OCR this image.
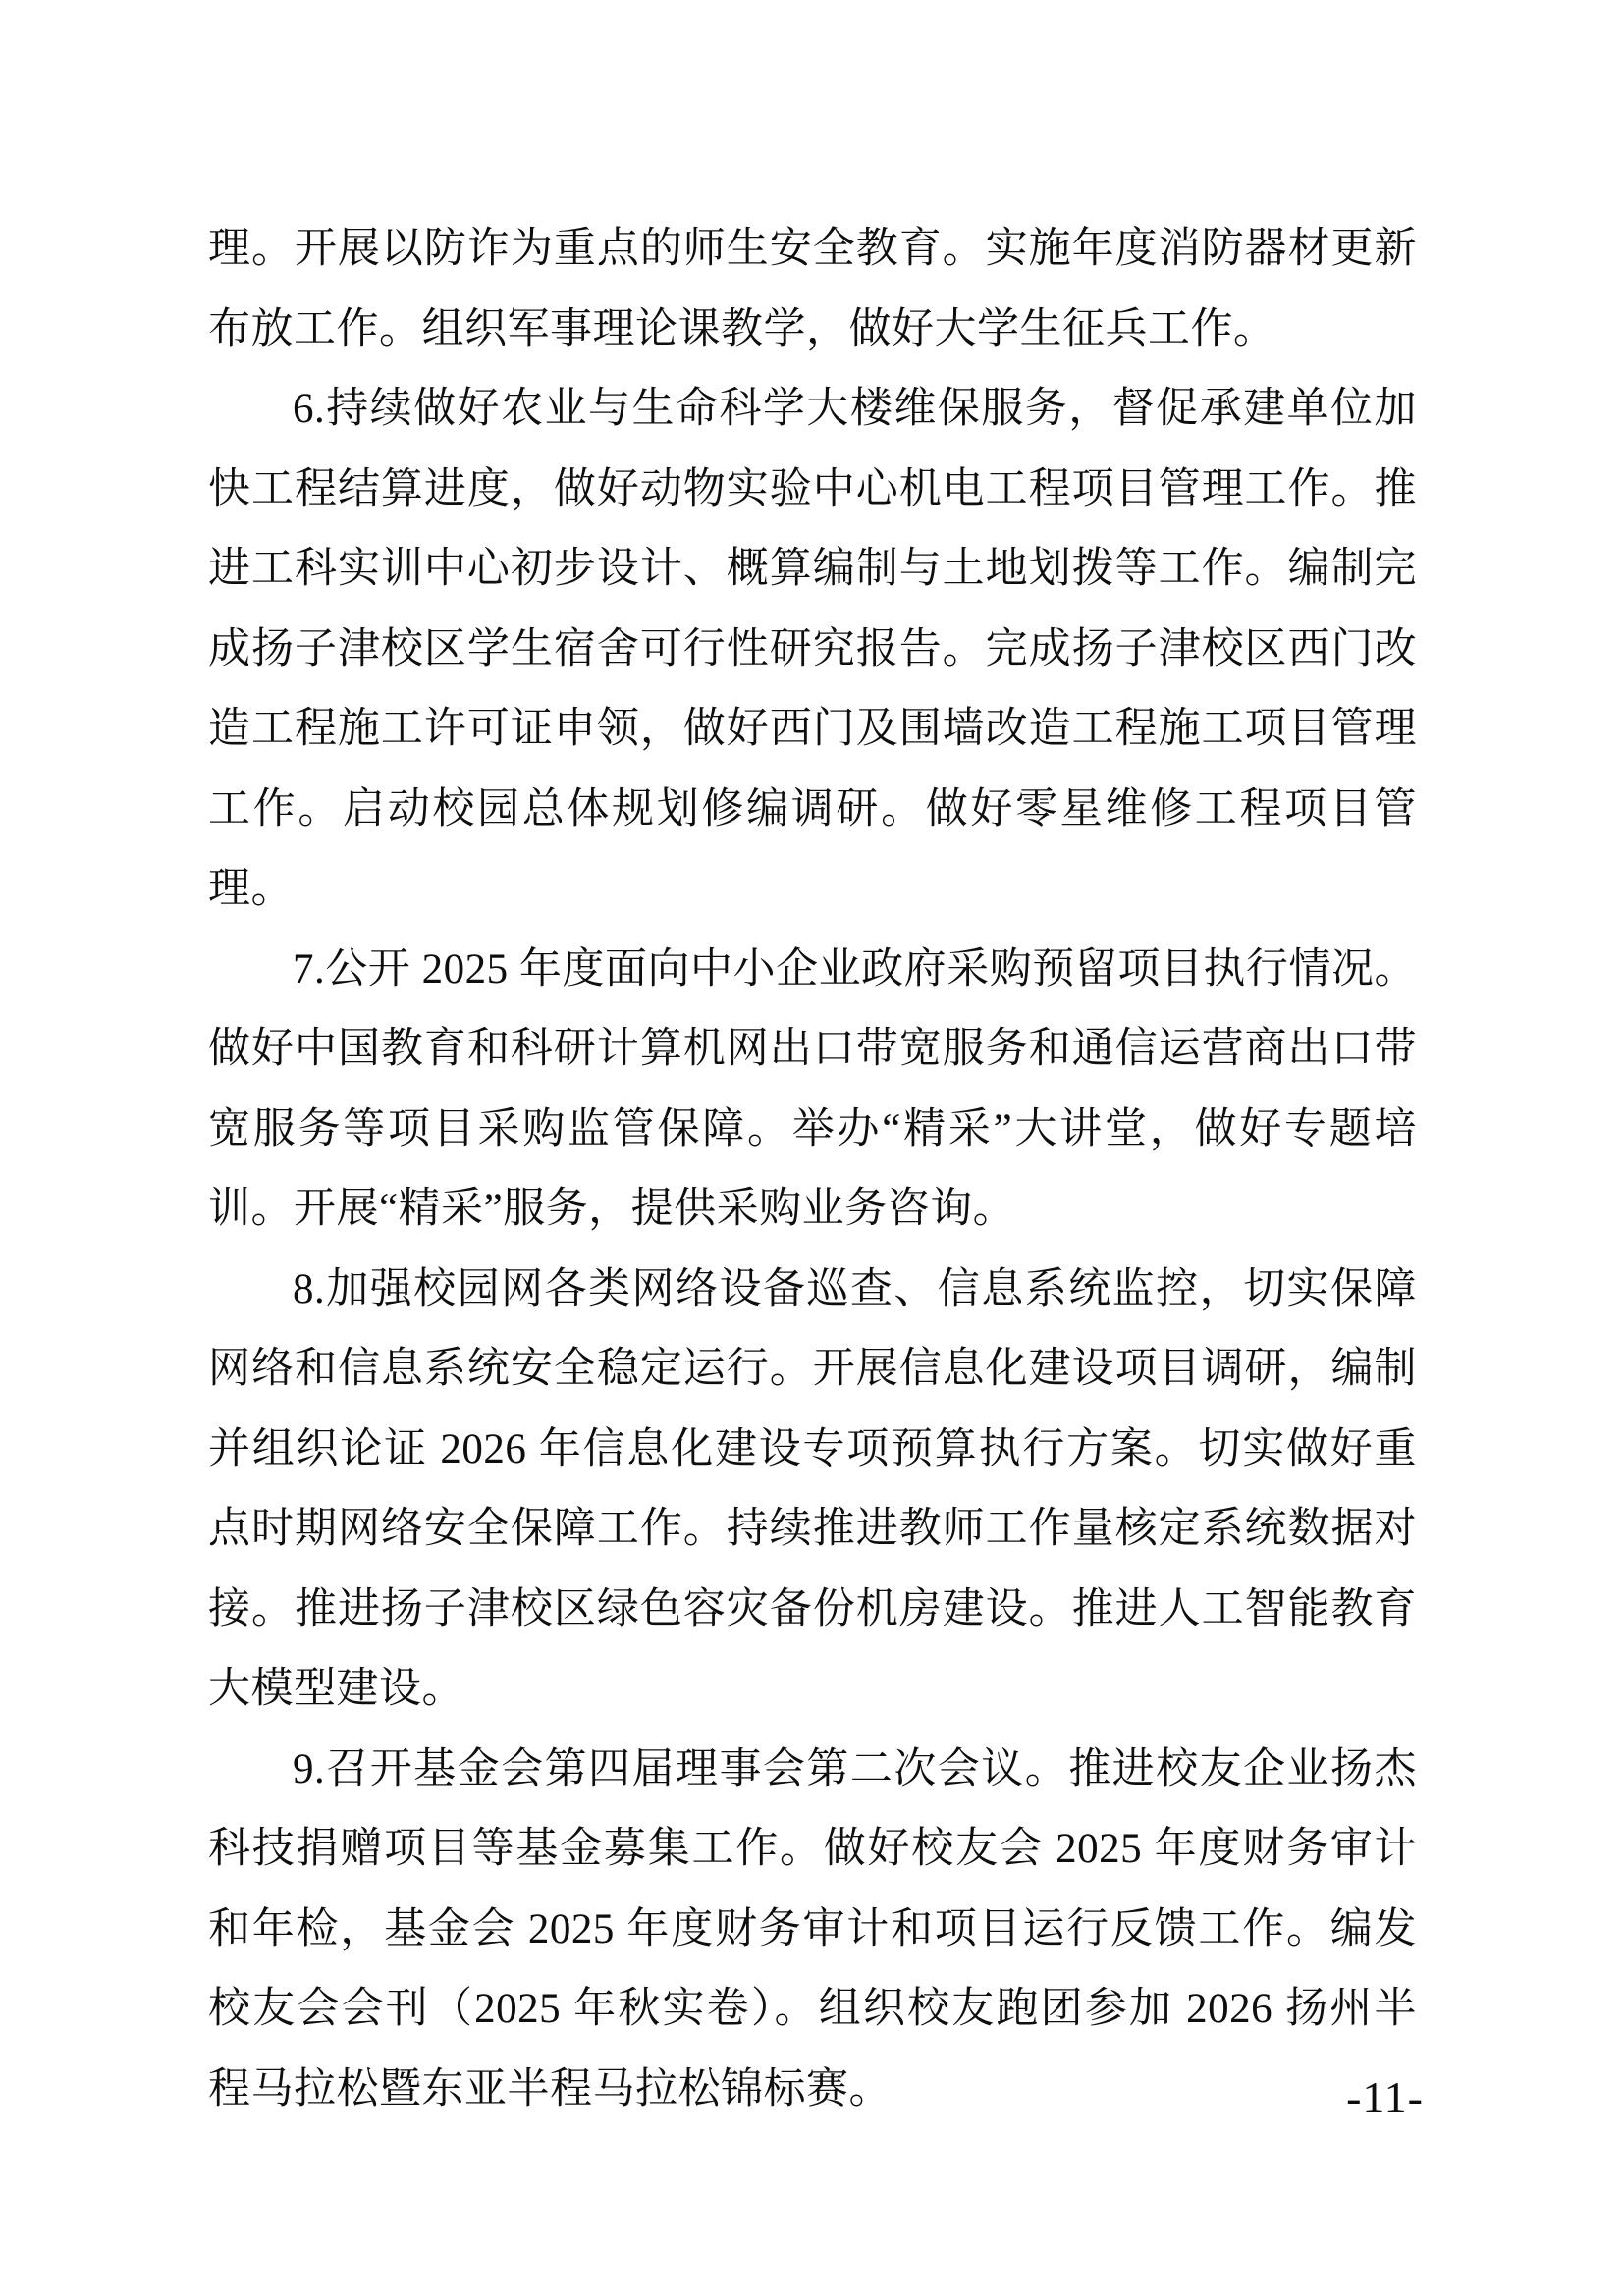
理。开展以防诈为重点的师生安全教育。实施年度消防器材更新布放工作。组织军事理论课教学，做好大学生征兵工作。

6.持续做好农业与生命科学大楼维保服务，督促承建单位加快工程结算进度，做好动物实验中心机电工程项目管理工作。推进工科实训中心初步设计、概算编制与土地划拨等工作。编制完成扬子津校区学生宿舍可行性研究报告。完成扬子津校区西门改造工程施工许可证申领，做好西门及围墙改造工程施工项目管理工作。启动校园总体规划修编调研。做好零星维修工程项目管理。

7.公开 2025 年度面向中小企业政府采购预留项目执行情况。做好中国教育和科研计算机网出口带宽服务和通信运营商出口带宽服务等项目采购监管保障。举办“精采”大讲堂，做好专题培训。开展“精采”服务，提供采购业务咨询。

8.加强校园网各类网络设备巡查、信息系统监控，切实保障网络和信息系统安全稳定运行。开展信息化建设项目调研，编制并组织论证 2026 年信息化建设专项预算执行方案。切实做好重点时期网络安全保障工作。持续推进教师工作量核定系统数据对接。推进扬子津校区绿色容灾备份机房建设。推进人工智能教育大模型建设。

9.召开基金会第四届理事会第二次会议。推进校友企业扬杰科技捐赠项目等基金募集工作。做好校友会 2025 年度财务审计和年检，基金会 2025 年度财务审计和项目运行反馈工作。编发校友会会刊（2025 年秋实卷）。组织校友跑团参加 2026 扬州半程马拉松暨东亚半程马拉松锦标赛。	-11-
